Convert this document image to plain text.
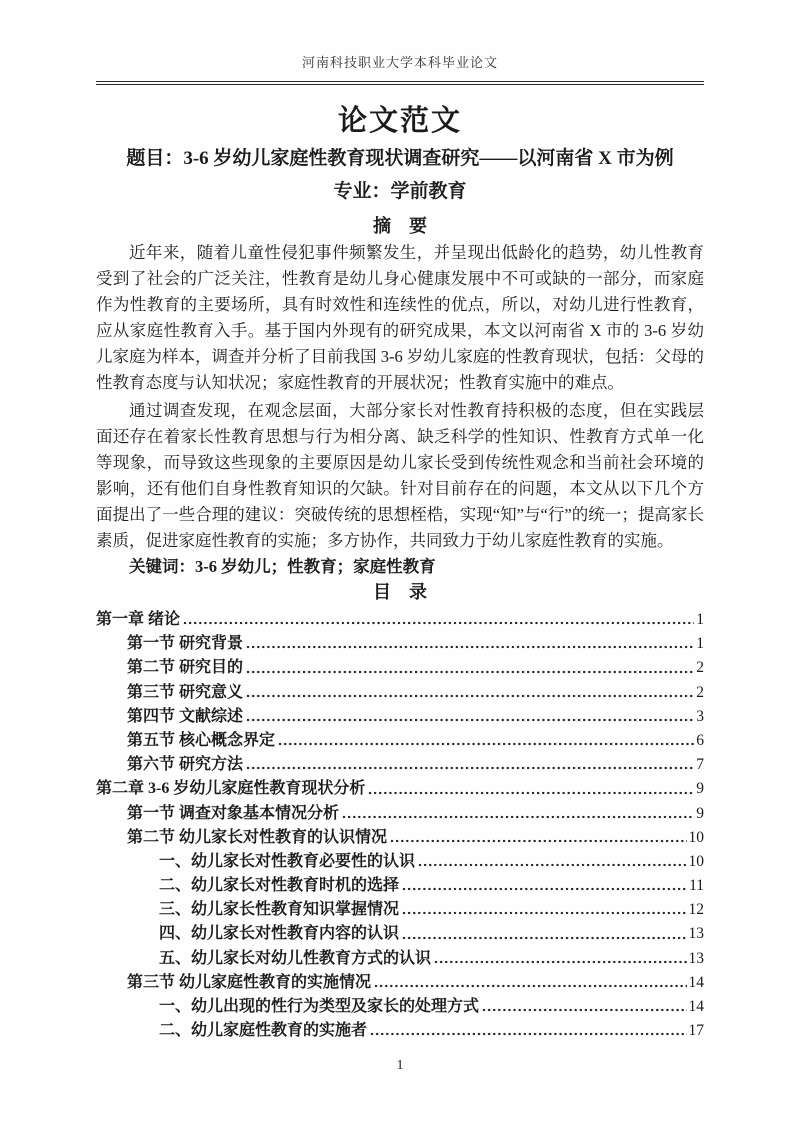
河南科技职业大学本科毕业论文
论文范文
题目：3-6 岁幼儿家庭性教育现状调查研究——以河南省 X 市为例
专业：学前教育
摘　要

近年来，随着儿童性侵犯事件频繁发生，并呈现出低龄化的趋势，幼儿性教育受到了社会的广泛关注，性教育是幼儿身心健康发展中不可或缺的一部分，而家庭作为性教育的主要场所，具有时效性和连续性的优点，所以，对幼儿进行性教育，应从家庭性教育入手。基于国内外现有的研究成果，本文以河南省 X 市的 3-6 岁幼儿家庭为样本，调查并分析了目前我国 3-6 岁幼儿家庭的性教育现状，包括：父母的性教育态度与认知状况；家庭性教育的开展状况；性教育实施中的难点。

通过调查发现，在观念层面，大部分家长对性教育持积极的态度，但在实践层面还存在着家长性教育思想与行为相分离、缺乏科学的性知识、性教育方式单一化等现象，而导致这些现象的主要原因是幼儿家长受到传统性观念和当前社会环境的影响，还有他们自身性教育知识的欠缺。针对目前存在的问题，本文从以下几个方面提出了一些合理的建议：突破传统的思想桎梏，实现“知”与“行”的统一；提高家长素质，促进家庭性教育的实施；多方协作，共同致力于幼儿家庭性教育的实施。

关键词：3-6 岁幼儿；性教育；家庭性教育
目　录
第一章 绪论	1
第一节 研究背景	1
第二节 研究目的	2
第三节 研究意义	2
第四节 文献综述	3
第五节 核心概念界定	6
第六节 研究方法	7
第二章 3-6 岁幼儿家庭性教育现状分析	9
第一节 调查对象基本情况分析	9
第二节 幼儿家长对性教育的认识情况	10
一、幼儿家长对性教育必要性的认识	10
二、幼儿家长对性教育时机的选择	11
三、幼儿家长性教育知识掌握情况	12
四、幼儿家长对性教育内容的认识	13
五、幼儿家长对幼儿性教育方式的认识	13
第三节 幼儿家庭性教育的实施情况	14
一、幼儿出现的性行为类型及家长的处理方式	14
二、幼儿家庭性教育的实施者	17
1
